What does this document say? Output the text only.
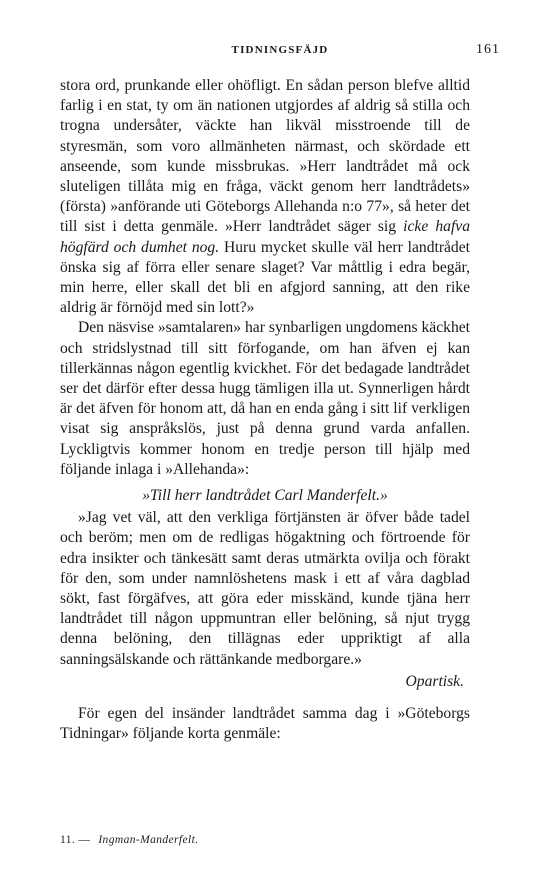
TIDNINGSFÄJD	161

stora ord, prunkande eller ohöfligt. En sådan person blefve alltid farlig i en stat, ty om än nationen utgjordes af aldrig så stilla och trogna undersåter, väckte han likväl misstroende till de styresmän, som voro allmänheten närmast, och skördade ett anseende, som kunde missbrukas. »Herr landtrådet må ock sluteligen tillåta mig en fråga, väckt genom herr landtrådets» (första) »anförande uti Göteborgs Allehanda n:o 77», så heter det till sist i detta genmäle. »Herr landtrådet säger sig icke hafva högfärd och dumhet nog. Huru mycket skulle väl herr landtrådet önska sig af förra eller senare slaget? Var måttlig i edra begär, min herre, eller skall det bli en afgjord sanning, att den rike aldrig är förnöjd med sin lott?»

Den näsvise »samtalaren» har synbarligen ungdomens käckhet och stridslystnad till sitt förfogande, om han äfven ej kan tillerkännas någon egentlig kvickhet. För det bedagade landtrådet ser det därför efter dessa hugg tämligen illa ut. Synnerligen hårdt är det äfven för honom att, då han en enda gång i sitt lif verkligen visat sig anspråkslös, just på denna grund varda anfallen. Lyckligtvis kommer honom en tredje person till hjälp med följande inlaga i »Allehanda»:

»Till herr landtrådet Carl Manderfelt.»

»Jag vet väl, att den verkliga förtjänsten är öfver både tadel och beröm; men om de redligas högaktning och förtroende för edra insikter och tänkesätt samt deras utmärkta ovilja och förakt för den, som under namnlöshetens mask i ett af våra dagblad sökt, fast förgäfves, att göra eder misskänd, kunde tjäna herr landtrådet till någon uppmuntran eller belöning, så njut trygg denna belöning, den tillägnas eder uppriktigt af alla sanningsälskande och rättänkande medborgare.»

Opartisk.

För egen del insänder landtrådet samma dag i »Göteborgs Tidningar» följande korta genmäle:

11. — Ingman-Manderfelt.
